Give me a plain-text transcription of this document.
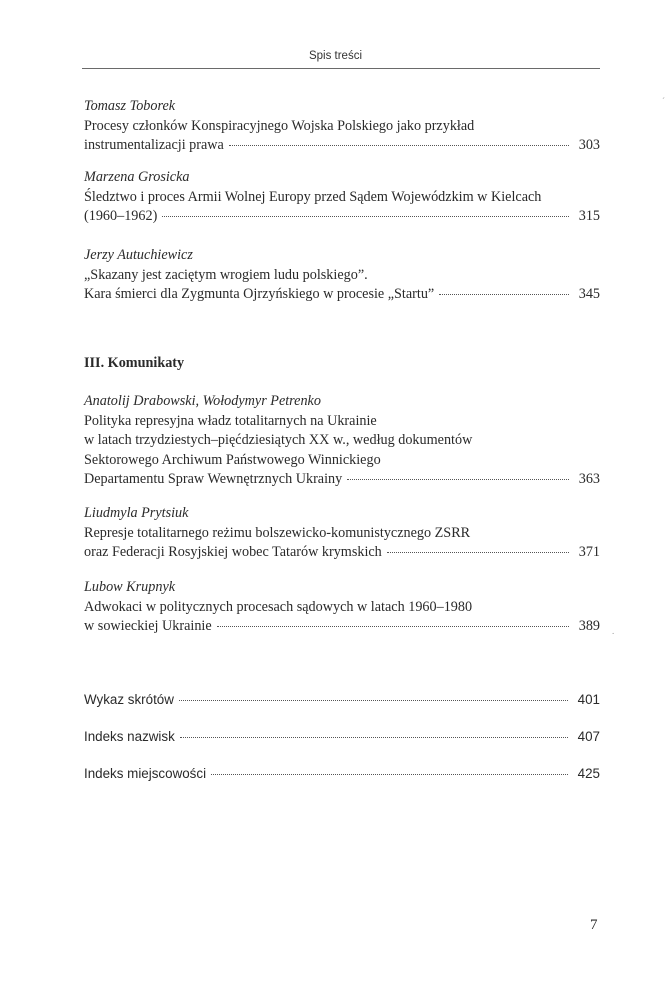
Spis treści
Tomasz Toborek
Procesy członków Konspiracyjnego Wojska Polskiego jako przykład
instrumentalizacji prawa	303
Marzena Grosicka
Śledztwo i proces Armii Wolnej Europy przed Sądem Wojewódzkim w Kielcach
(1960–1962)	315
Jerzy Autuchiewicz
„Skazany jest zaciętym wrogiem ludu polskiego”.
Kara śmierci dla Zygmunta Ojrzyńskiego w procesie „Startu”	345
III. Komunikaty
Anatolij Drabowski, Wołodymyr Petrenko
Polityka represyjna władz totalitarnych na Ukrainie
w latach trzydziestych–pięćdziesiątych XX w., według dokumentów
Sektorowego Archiwum Państwowego Winnickiego
Departamentu Spraw Wewnętrznych Ukrainy	363
Liudmyla Prytsiuk
Represje totalitarnego reżimu bolszewicko-komunistycznego ZSRR
oraz Federacji Rosyjskiej wobec Tatarów krymskich	371
Lubow Krupnyk
Adwokaci w politycznych procesach sądowych w latach 1960–1980
w sowieckiej Ukrainie	389
Wykaz skrótów	401
Indeks nazwisk	407
Indeks miejscowości	425
7
´
.
